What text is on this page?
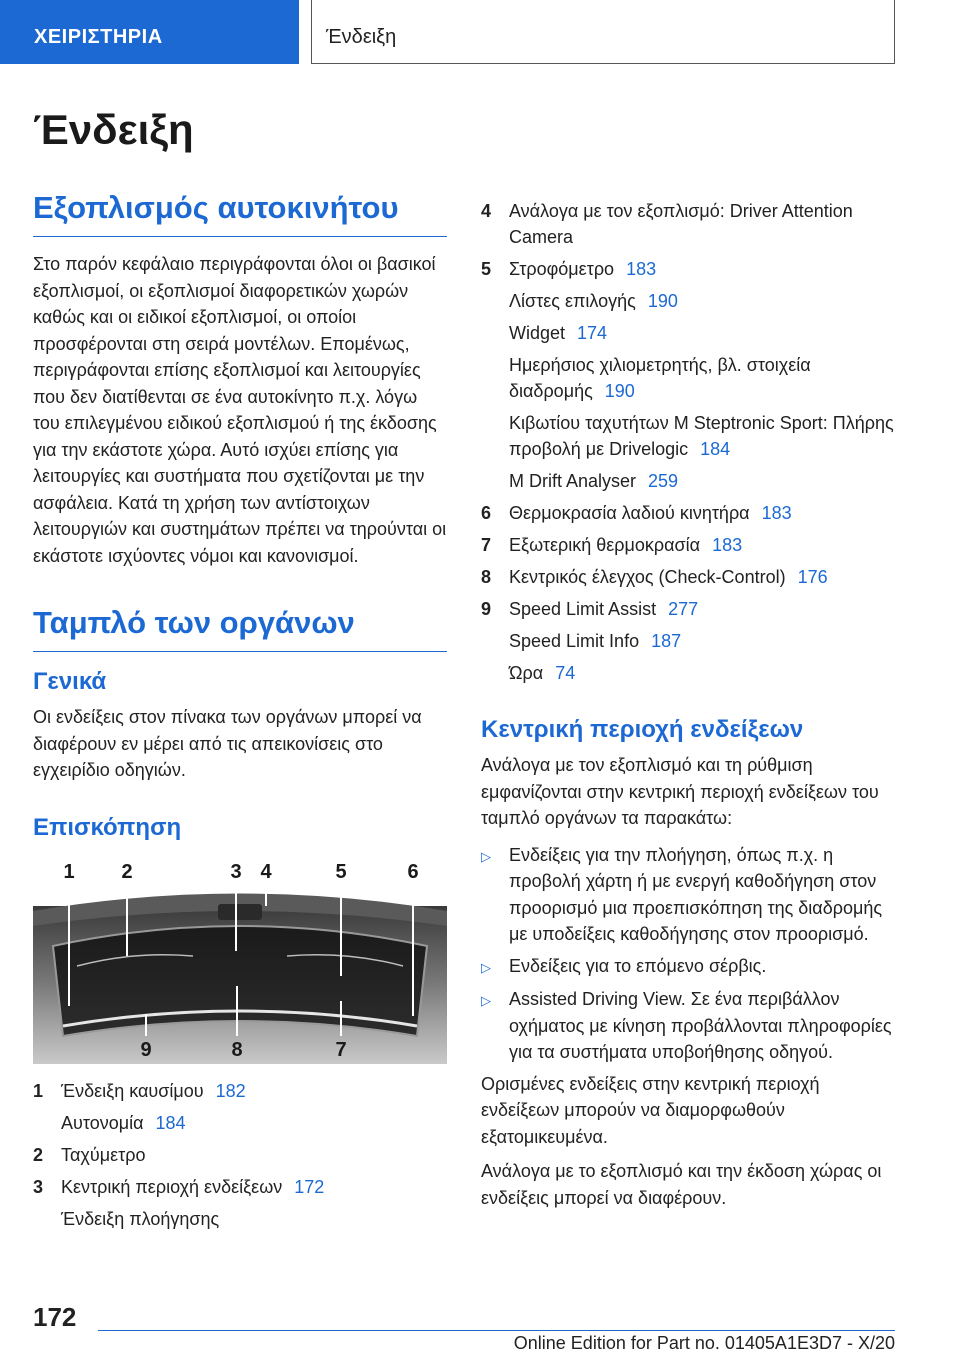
ΧΕΙΡΙΣΤΗΡΙΑ	Ένδειξη
Ένδειξη
Εξοπλισμός αυτοκινήτου

Στο παρόν κεφάλαιο περιγράφονται όλοι οι βασικοί εξοπλισμοί, οι εξοπλισμοί διαφορετικών χωρών καθώς και οι ειδικοί εξοπλισμοί, οι οποίοι προσφέρονται στη σειρά μοντέλων. Επομένως, περιγράφονται επίσης εξοπλισμοί και λειτουργίες που δεν διατίθενται σε ένα αυτοκίνητο π.χ. λόγω του επιλεγμένου ειδικού εξοπλισμού ή της έκδοσης για την εκάστοτε χώρα. Αυτό ισχύει επίσης για λειτουργίες και συστήματα που σχετίζονται με την ασφάλεια. Κατά τη χρήση των αντίστοιχων λειτουργιών και συστημάτων πρέπει να τηρούνται οι εκάστοτε ισχύοντες νόμοι και κανονισμοί.

Ταμπλό των οργάνων
Γενικά

Οι ενδείξεις στον πίνακα των οργάνων μπορεί να διαφέρουν εν μέρει από τις απεικονίσεις στο εγχειρίδιο οδηγιών.

Επισκόπηση
1 2	3 4	5	6
9	8	7
1 Ένδειξη καυσίμου 182
Αυτονομία 184
2 Ταχύμετρο
3 Κεντρική περιοχή ενδείξεων 172
Ένδειξη πλοήγησης
4 Ανάλογα με τον εξοπλισμό: Driver Attention Camera
5 Στροφόμετρο 183
Λίστες επιλογής 190
Widget 174
Ημερήσιος χιλιομετρητής, βλ. στοιχεία διαδρομής 190
Κιβωτίου ταχυτήτων M Steptronic Sport: Πλήρης προβολή με Drivelogic 184
M Drift Analyser 259
6 Θερμοκρασία λαδιού κινητήρα 183
7 Εξωτερική θερμοκρασία 183
8 Κεντρικός έλεγχος (Check-Control) 176
9 Speed Limit Assist 277
Speed Limit Info 187
Ώρα 74
Κεντρική περιοχή ενδείξεων

Ανάλογα με τον εξοπλισμό και τη ρύθμιση εμφανίζονται στην κεντρική περιοχή ενδείξεων του ταμπλό οργάνων τα παρακάτω:

▷	Ενδείξεις για την πλοήγηση, όπως π.χ. η προβολή χάρτη ή με ενεργή καθοδήγηση στον προορισμό μια προεπισκόπηση της διαδρομής με υποδείξεις καθοδήγησης στον προορισμό.
▷	Ενδείξεις για το επόμενο σέρβις.
▷	Assisted Driving View. Σε ένα περιβάλλον οχήματος με κίνηση προβάλλονται πληροφορίες για τα συστήματα υποβοήθησης οδηγού.

Ορισμένες ενδείξεις στην κεντρική περιοχή ενδείξεων μπορούν να διαμορφωθούν εξατομικευμένα.

Ανάλογα με το εξοπλισμό και την έκδοση χώρας οι ενδείξεις μπορεί να διαφέρουν.

172
Online Edition for Part no. 01405A1E3D7 - X/20
